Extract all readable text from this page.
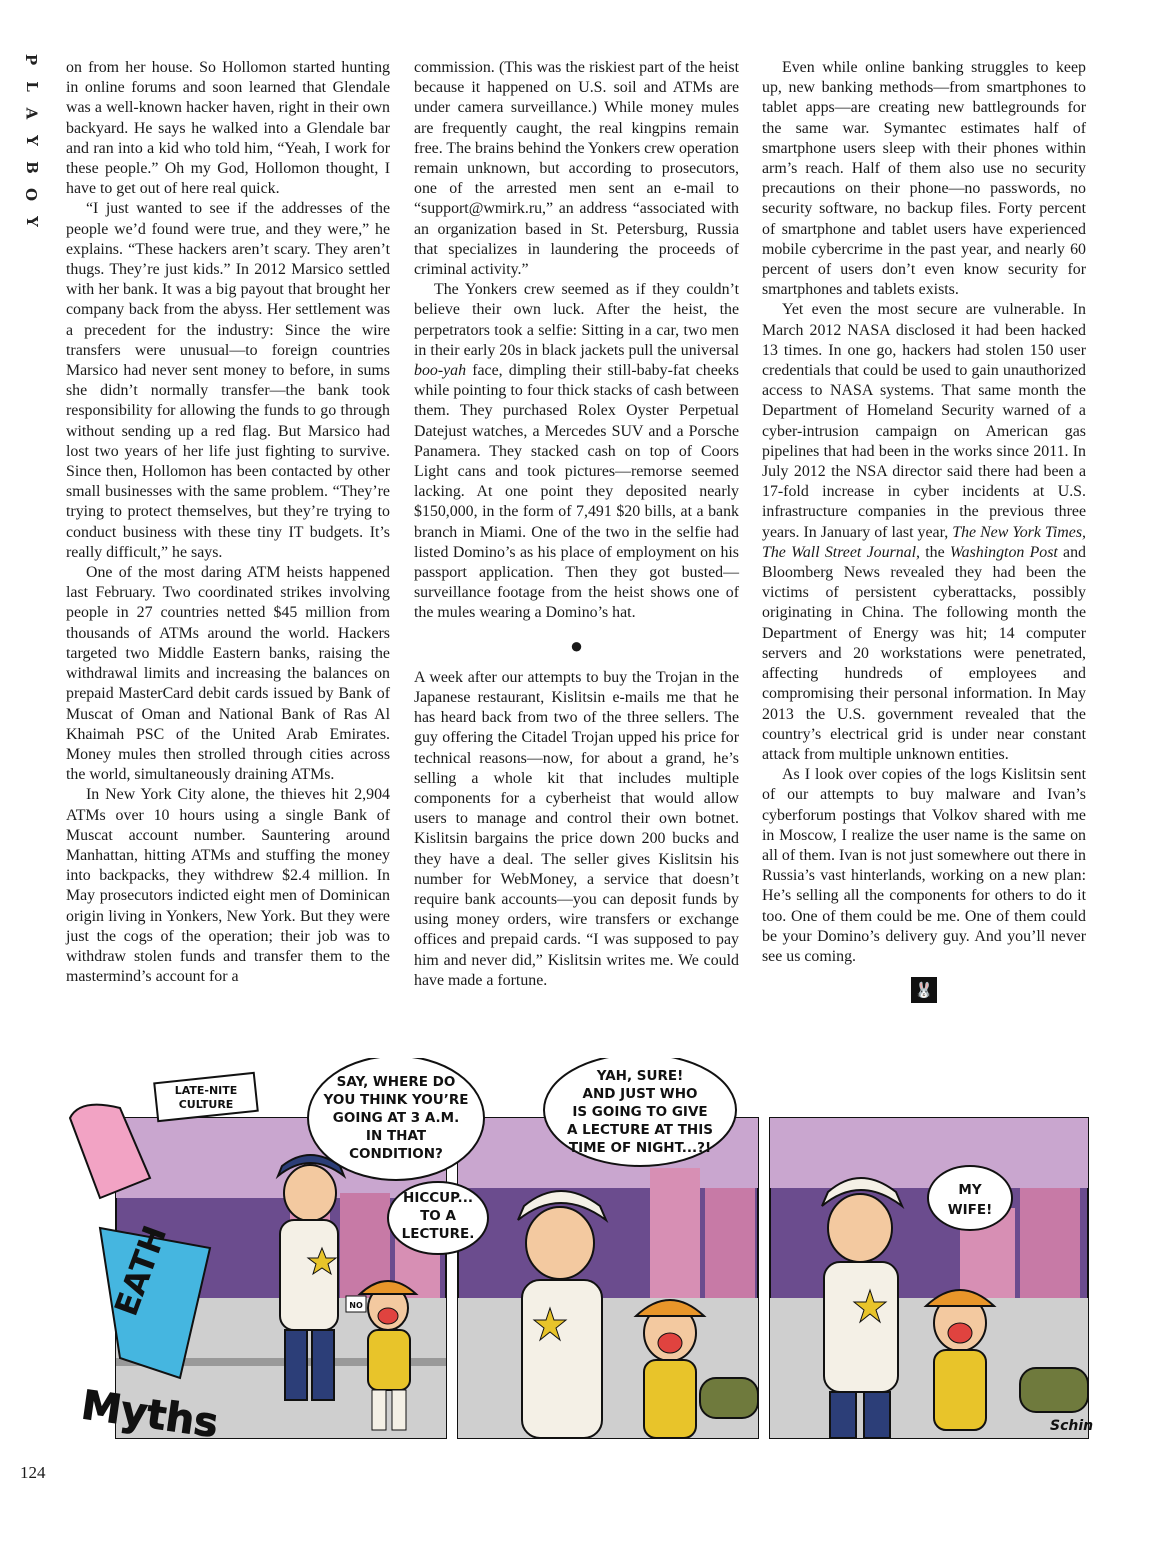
P
L
A
Y
B
O
Y

on from her house. So Hollomon started hunting in online forums and soon learned that Glendale was a well-known hacker haven, right in their own backyard. He says he walked into a Glendale bar and ran into a kid who told him, “Yeah, I work for these people.” Oh my God, Hollomon thought, I have to get out of here real quick.

“I just wanted to see if the addresses of the people we’d found were true, and they were,” he explains. “These hackers aren’t scary. They aren’t thugs. They’re just kids.” In 2012 Marsico settled with her bank. It was a big payout that brought her company back from the abyss. Her settlement was a precedent for the industry: Since the wire transfers were unusual—to foreign countries Marsico had never sent money to before, in sums she didn’t normally transfer—the bank took responsibility for allowing the funds to go through without sending up a red flag. But Marsico had lost two years of her life just fighting to survive. Since then, Hollomon has been contacted by other small businesses with the same problem. “They’re trying to protect themselves, but they’re trying to conduct business with these tiny IT budgets. It’s really difficult,” he says.

One of the most daring ATM heists happened last February. Two coordinated strikes involving people in 27 countries netted $45 million from thousands of ATMs around the world. Hackers targeted two Middle Eastern banks, raising the withdrawal limits and increasing the balances on prepaid MasterCard debit cards issued by Bank of Muscat of Oman and National Bank of Ras Al Khaimah PSC of the United Arab Emirates. Money mules then strolled through cities across the world, simultaneously draining ATMs.

In New York City alone, the thieves hit 2,904 ATMs over 10 hours using a single Bank of Muscat account number. Sauntering around Manhattan, hitting ATMs and stuffing the money into backpacks, they withdrew $2.4 million. In May prosecutors indicted eight men of Dominican origin living in Yonkers, New York. But they were just the cogs of the operation; their job was to withdraw stolen funds and transfer them to the mastermind’s account for a

commission. (This was the riskiest part of the heist because it happened on U.S. soil and ATMs are under camera surveillance.) While money mules are frequently caught, the real kingpins remain free. The brains behind the Yonkers crew operation remain unknown, but according to prosecutors, one of the arrested men sent an e-mail to “support@wmirk.ru,” an address “associated with an organization based in St. Petersburg, Russia that specializes in laundering the proceeds of criminal activity.”

The Yonkers crew seemed as if they couldn’t believe their own luck. After the heist, the perpetrators took a selfie: Sitting in a car, two men in their early 20s in black jackets pull the universal boo-yah face, dimpling their still-baby-fat cheeks while pointing to four thick stacks of cash between them. They purchased Rolex Oyster Perpetual Datejust watches, a Mercedes SUV and a Porsche Panamera. They stacked cash on top of Coors Light cans and took pictures—remorse seemed lacking. At one point they deposited nearly $150,000, in the form of 7,491 $20 bills, at a bank branch in Miami. One of the two in the selfie had listed Domino’s as his place of employment on his passport application. Then they got busted—surveillance footage from the heist shows one of the mules wearing a Domino’s hat.

●

A week after our attempts to buy the Trojan in the Japanese restaurant, Kislitsin e-mails me that he has heard back from two of the three sellers. The guy offering the Citadel Trojan upped his price for technical reasons—now, for about a grand, he’s selling a whole kit that includes multiple components for a cyberheist that would allow users to manage and control their own botnet. Kislitsin bargains the price down 200 bucks and they have a deal. The seller gives Kislitsin his number for WebMoney, a service that doesn’t require bank accounts—you can deposit funds by using money orders, wire transfers or exchange offices and prepaid cards. “I was supposed to pay him and never did,” Kislitsin writes me. We could have made a fortune.

Even while online banking struggles to keep up, new banking methods—from smartphones to tablet apps—are creating new battlegrounds for the same war. Symantec estimates half of smartphone users sleep with their phones within arm’s reach. Half of them also use no security precautions on their phone—no passwords, no security software, no backup files. Forty percent of smartphone and tablet users have experienced mobile cybercrime in the past year, and nearly 60 percent of users don’t even know security for smartphones and tablets exists.

Yet even the most secure are vulnerable. In March 2012 NASA disclosed it had been hacked 13 times. In one go, hackers had stolen 150 user credentials that could be used to gain unauthorized access to NASA systems. That same month the Department of Homeland Security warned of a cyber-intrusion campaign on American gas pipelines that had been in the works since 2011. In July 2012 the NSA director said there had been a 17-fold increase in cyber incidents at U.S. infrastructure companies in the previous three years. In January of last year, The New York Times, The Wall Street Journal, the Washington Post and Bloomberg News revealed they had been the victims of persistent cyberattacks, possibly originating in China. The following month the Department of Energy was hit; 14 computer servers and 20 workstations were penetrated, affecting hundreds of employees and compromising their personal information. In May 2013 the U.S. government revealed that the country’s electrical grid is under near constant attack from multiple unknown entities.

As I look over copies of the logs Kislitsin sent of our attempts to buy malware and Ivan’s cyberforum postings that Volkov shared with me in Moscow, I realize the user name is the same on all of them. Ivan is not just somewhere out there in Russia’s vast hinterlands, working on a new plan: He’s selling all the components for others to do it too. One of them could be me. One of them could be your Domino’s delivery guy. And you’ll never see us coming.

🐰
NO
EATH
Myths
LATE-NITE
CULTURE
SAY, WHERE DO
YOU THINK YOU’RE
GOING AT 3 A.M.
IN THAT
CONDITION?
HICCUP...
TO A
LECTURE.
YAH, SURE!
AND JUST WHO
IS GOING TO GIVE
A LECTURE AT THIS
TIME OF NIGHT...?!
MY
WIFE!
Schin
124
